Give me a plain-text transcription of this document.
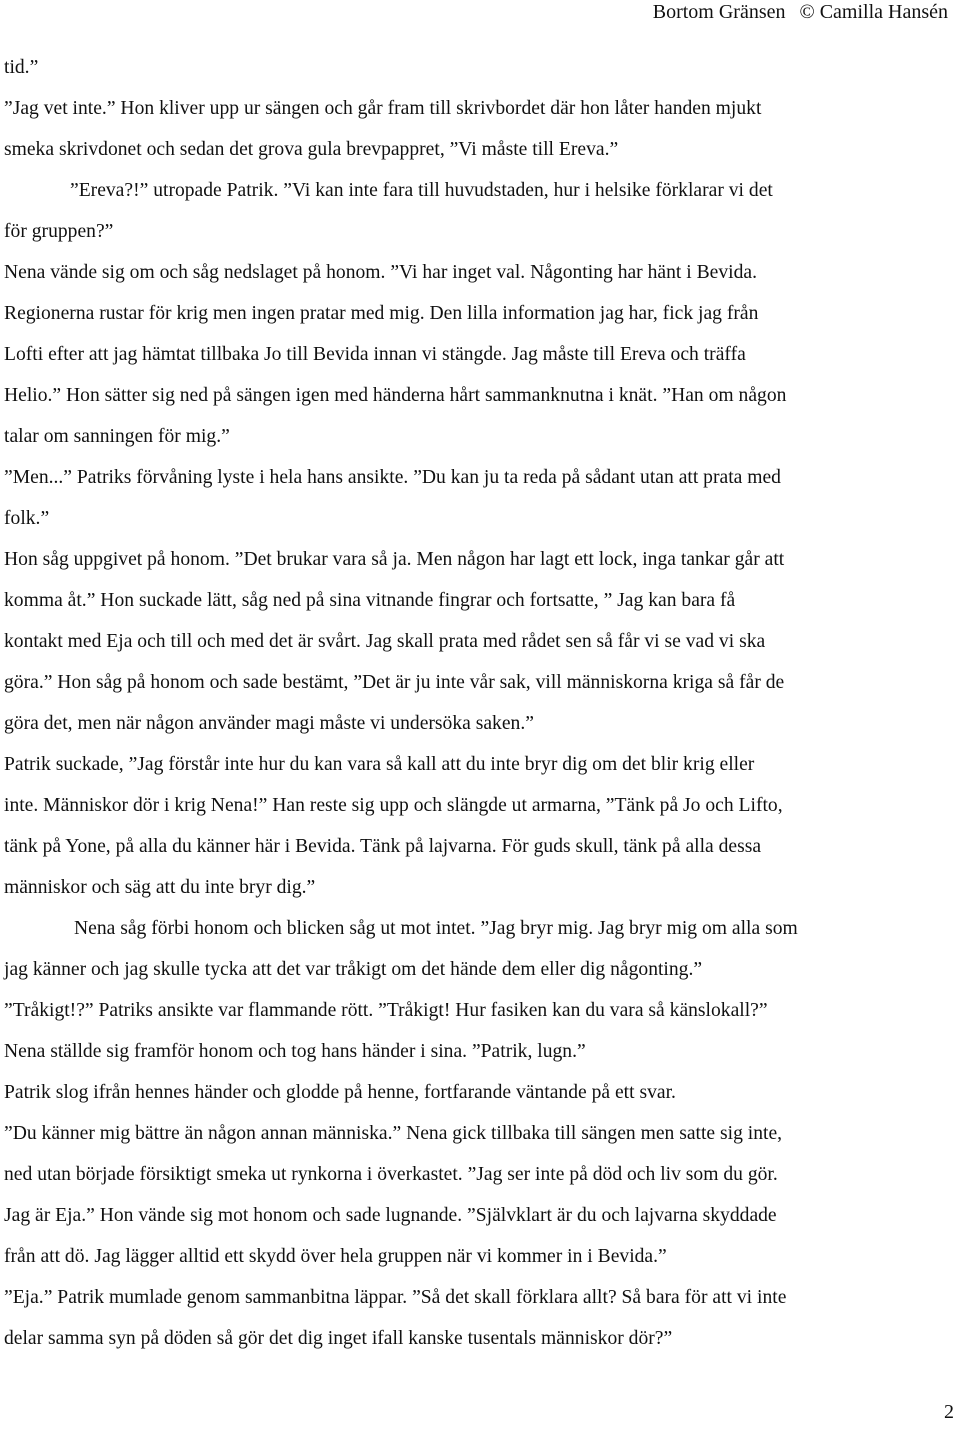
Bortom Gränsen © Camilla Hansén
tid.”
”Jag vet inte.” Hon kliver upp ur sängen och går fram till skrivbordet där hon låter handen mjukt
smeka skrivdonet och sedan det grova gula brevpappret, ”Vi måste till Ereva.”
”Ereva?!” utropade Patrik. ”Vi kan inte fara till huvudstaden, hur i helsike förklarar vi det
för gruppen?”
Nena vände sig om och såg nedslaget på honom. ”Vi har inget val. Någonting har hänt i Bevida.
Regionerna rustar för krig men ingen pratar med mig. Den lilla information jag har, fick jag från
Lofti efter att jag hämtat tillbaka Jo till Bevida innan vi stängde. Jag måste till Ereva och träffa
Helio.” Hon sätter sig ned på sängen igen med händerna hårt sammanknutna i knät. ”Han om någon
talar om sanningen för mig.”
”Men...” Patriks förvåning lyste i hela hans ansikte. ”Du kan ju ta reda på sådant utan att prata med
folk.”
Hon såg uppgivet på honom. ”Det brukar vara så ja. Men någon har lagt ett lock, inga tankar går att
komma åt.” Hon suckade lätt, såg ned på sina vitnande fingrar och fortsatte, ” Jag kan bara få
kontakt med Eja och till och med det är svårt. Jag skall prata med rådet sen så får vi se vad vi ska
göra.” Hon såg på honom och sade bestämt, ”Det är ju inte vår sak, vill människorna kriga så får de
göra det, men när någon använder magi måste vi undersöka saken.”
Patrik suckade, ”Jag förstår inte hur du kan vara så kall att du inte bryr dig om det blir krig eller
inte. Människor dör i krig Nena!” Han reste sig upp och slängde ut armarna, ”Tänk på Jo och Lifto,
tänk på Yone, på alla du känner här i Bevida. Tänk på lajvarna. För guds skull, tänk på alla dessa
människor och säg att du inte bryr dig.”
Nena såg förbi honom och blicken såg ut mot intet. ”Jag bryr mig. Jag bryr mig om alla som
jag känner och jag skulle tycka att det var tråkigt om det hände dem eller dig någonting.”
”Tråkigt!?” Patriks ansikte var flammande rött. ”Tråkigt! Hur fasiken kan du vara så känslokall?”
Nena ställde sig framför honom och tog hans händer i sina. ”Patrik, lugn.”
Patrik slog ifrån hennes händer och glodde på henne, fortfarande väntande på ett svar.
”Du känner mig bättre än någon annan människa.” Nena gick tillbaka till sängen men satte sig inte,
ned utan började försiktigt smeka ut rynkorna i överkastet. ”Jag ser inte på död och liv som du gör.
Jag är Eja.” Hon vände sig mot honom och sade lugnande. ”Självklart är du och lajvarna skyddade
från att dö. Jag lägger alltid ett skydd över hela gruppen när vi kommer in i Bevida.”
”Eja.” Patrik mumlade genom sammanbitna läppar. ”Så det skall förklara allt? Så bara för att vi inte
delar samma syn på döden så gör det dig inget ifall kanske tusentals människor dör?”
2
